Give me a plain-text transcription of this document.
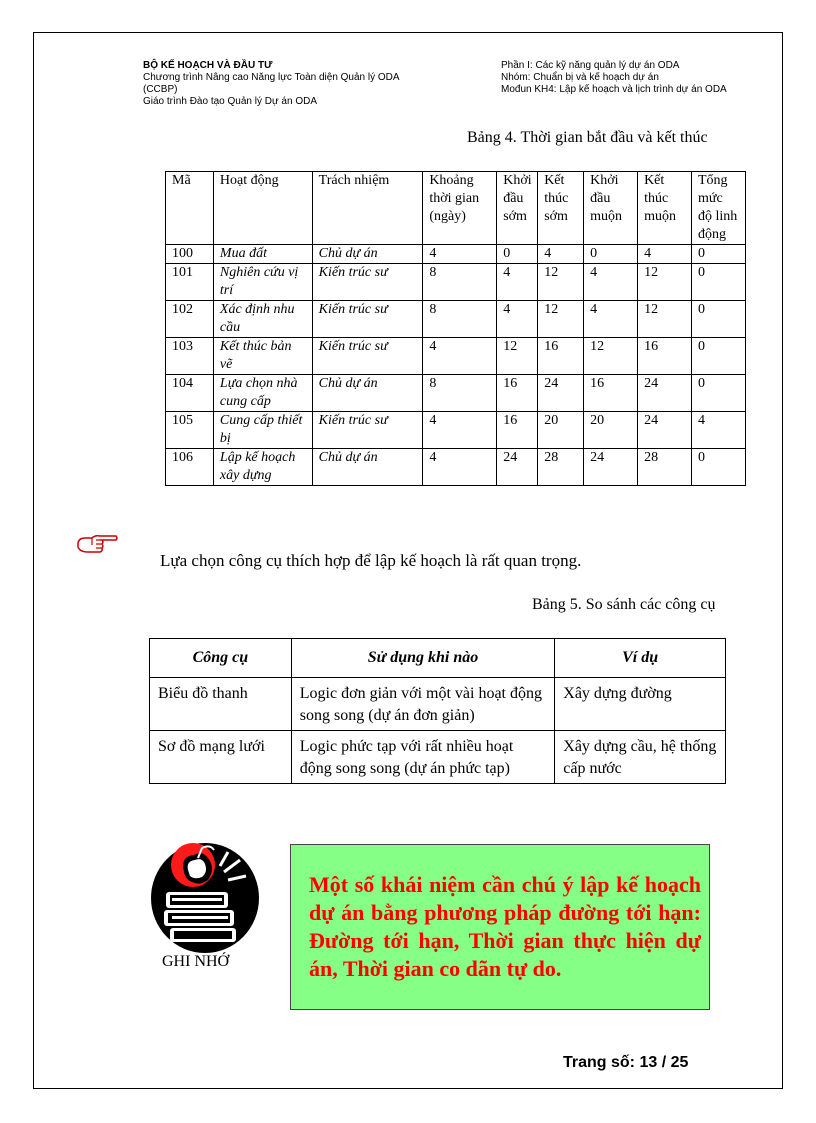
BỘ KẾ HOẠCH VÀ ĐẦU TƯ
Chương trình Nâng cao Năng lực Toàn diện Quản lý ODA
(CCBP)
Giáo trình Đào tạo Quản lý Dự án ODA
Phần I: Các kỹ năng quản lý dự án ODA
Nhóm: Chuẩn bị và kế hoạch dự án
Mođun KH4: Lập kế hoạch và lịch trình dự án ODA
Bảng 4. Thời gian bắt đầu và kết thúc
Mã	Hoạt động	Trách nhiệm	Khoảng thời gian (ngày)	Khởi đầu sớm	Kết thúc sớm	Khởi đầu muộn	Kết thúc muộn	Tổng mức độ linh động
100	Mua đất	Chủ dự án	4	0	4	0	4	0
101	Nghiên cứu vị trí	Kiến trúc sư	8	4	12	4	12	0
102	Xác định nhu cầu	Kiến trúc sư	8	4	12	4	12	0
103	Kết thúc bản vẽ	Kiến trúc sư	4	12	16	12	16	0
104	Lựa chọn nhà cung cấp	Chủ dự án	8	16	24	16	24	0
105	Cung cấp thiết bị	Kiến trúc sư	4	16	20	20	24	4
106	Lập kế hoạch xây dựng	Chủ dự án	4	24	28	24	28	0
Lựa chọn công cụ thích hợp để lập kế hoạch là rất quan trọng.
Bảng 5. So sánh các công cụ
Công cụ	Sử dụng khi nào	Ví dụ
Biểu đồ thanh	Logic đơn giản với một vài hoạt động song song (dự án đơn giản)	Xây dựng đường
Sơ đồ mạng lưới	Logic phức tạp với rất nhiều hoạt động song song (dự án phức tạp)	Xây dựng cầu, hệ thống cấp nước
GHI NHỚ

Một số khái niệm cần chú ý lập kế hoạch dự án bằng phương pháp đường tới hạn: Đường tới hạn, Thời gian thực hiện dự án, Thời gian co dãn tự do.

Trang số: 13 / 25
